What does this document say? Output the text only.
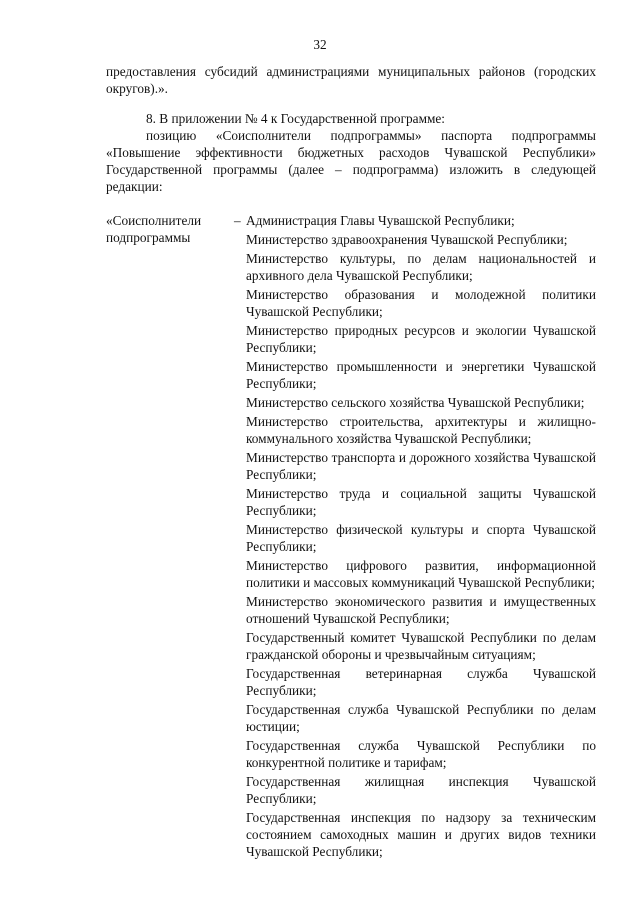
32
предоставления субсидий администрациями муниципальных районов (городских округов).».
8. В приложении № 4 к Государственной программе:
позицию «Соисполнители подпрограммы» паспорта подпрограммы «Повышение эффективности бюджетных расходов Чувашской Республики» Государственной программы (далее – подпрограмма) изложить в следующей редакции:
«Соисполнители подпрограммы
– Администрация Главы Чувашской Республики;
Министерство здравоохранения Чувашской Республики;
Министерство культуры, по делам национальностей и архивного дела Чувашской Республики;
Министерство образования и молодежной политики Чувашской Республики;
Министерство природных ресурсов и экологии Чувашской Республики;
Министерство промышленности и энергетики Чувашской Республики;
Министерство сельского хозяйства Чувашской Республики;
Министерство строительства, архитектуры и жилищно-коммунального хозяйства Чувашской Республики;
Министерство транспорта и дорожного хозяйства Чувашской Республики;
Министерство труда и социальной защиты Чувашской Республики;
Министерство физической культуры и спорта Чувашской Республики;
Министерство цифрового развития, информационной политики и массовых коммуникаций Чувашской Республики;
Министерство экономического развития и имущественных отношений Чувашской Республики;
Государственный комитет Чувашской Республики по делам гражданской обороны и чрезвычайным ситуациям;
Государственная ветеринарная служба Чувашской Республики;
Государственная служба Чувашской Республики по делам юстиции;
Государственная служба Чувашской Республики по конкурентной политике и тарифам;
Государственная жилищная инспекция Чувашской Республики;
Государственная инспекция по надзору за техническим состоянием самоходных машин и других видов техники Чувашской Республики;
